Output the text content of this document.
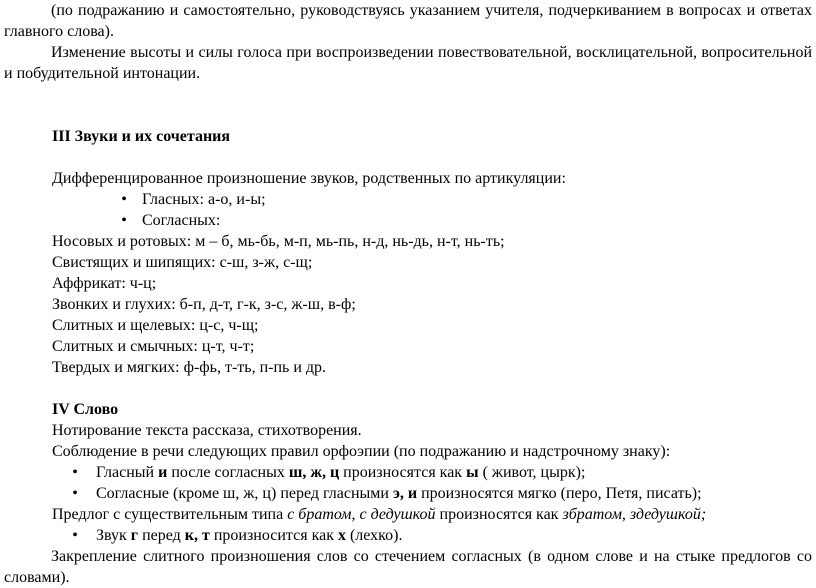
(по подражанию и самостоятельно, руководствуясь указанием учителя, подчеркиванием в вопросах и ответах главного слова).

Изменение высоты и силы голоса при воспроизведении повествовательной, восклицательной, вопросительной и побудительной интонации.

III Звуки и их сочетания

Дифференцированное произношение звуков, родственных по артикуляции:

• Гласных: а-о, и-ы;
• Согласных:

Носовых и ротовых: м – б, мь-бь, м-п, мь-пь, н-д, нь-дь, н-т, нь-ть;

Свистящих и шипящих: с-ш, з-ж, с-щ;

Аффрикат: ч-ц;

Звонких и глухих: б-п, д-т, г-к, з-с, ж-ш, в-ф;

Слитных и щелевых: ц-с, ч-щ;

Слитных и смычных: ц-т, ч-т;

Твердых и мягких: ф-фь, т-ть, п-пь и др.

IV Слово

Нотирование текста рассказа, стихотворения.

Соблюдение в речи следующих правил орфоэпии (по подражанию и надстрочному знаку):

• Гласный и после согласных ш, ж, ц произносятся как ы ( живот, цырк);
• Согласные (кроме ш, ж, ц) перед гласными э, и произносятся мягко (перо, Петя, писать);

Предлог с существительным типа с братом, с дедушкой произносятся как збратом, здедушкой;

• Звук г перед к, т произносится как х (лехко).

Закрепление слитного произношения слов со стечением согласных (в одном слове и на стыке предлогов со словами).
